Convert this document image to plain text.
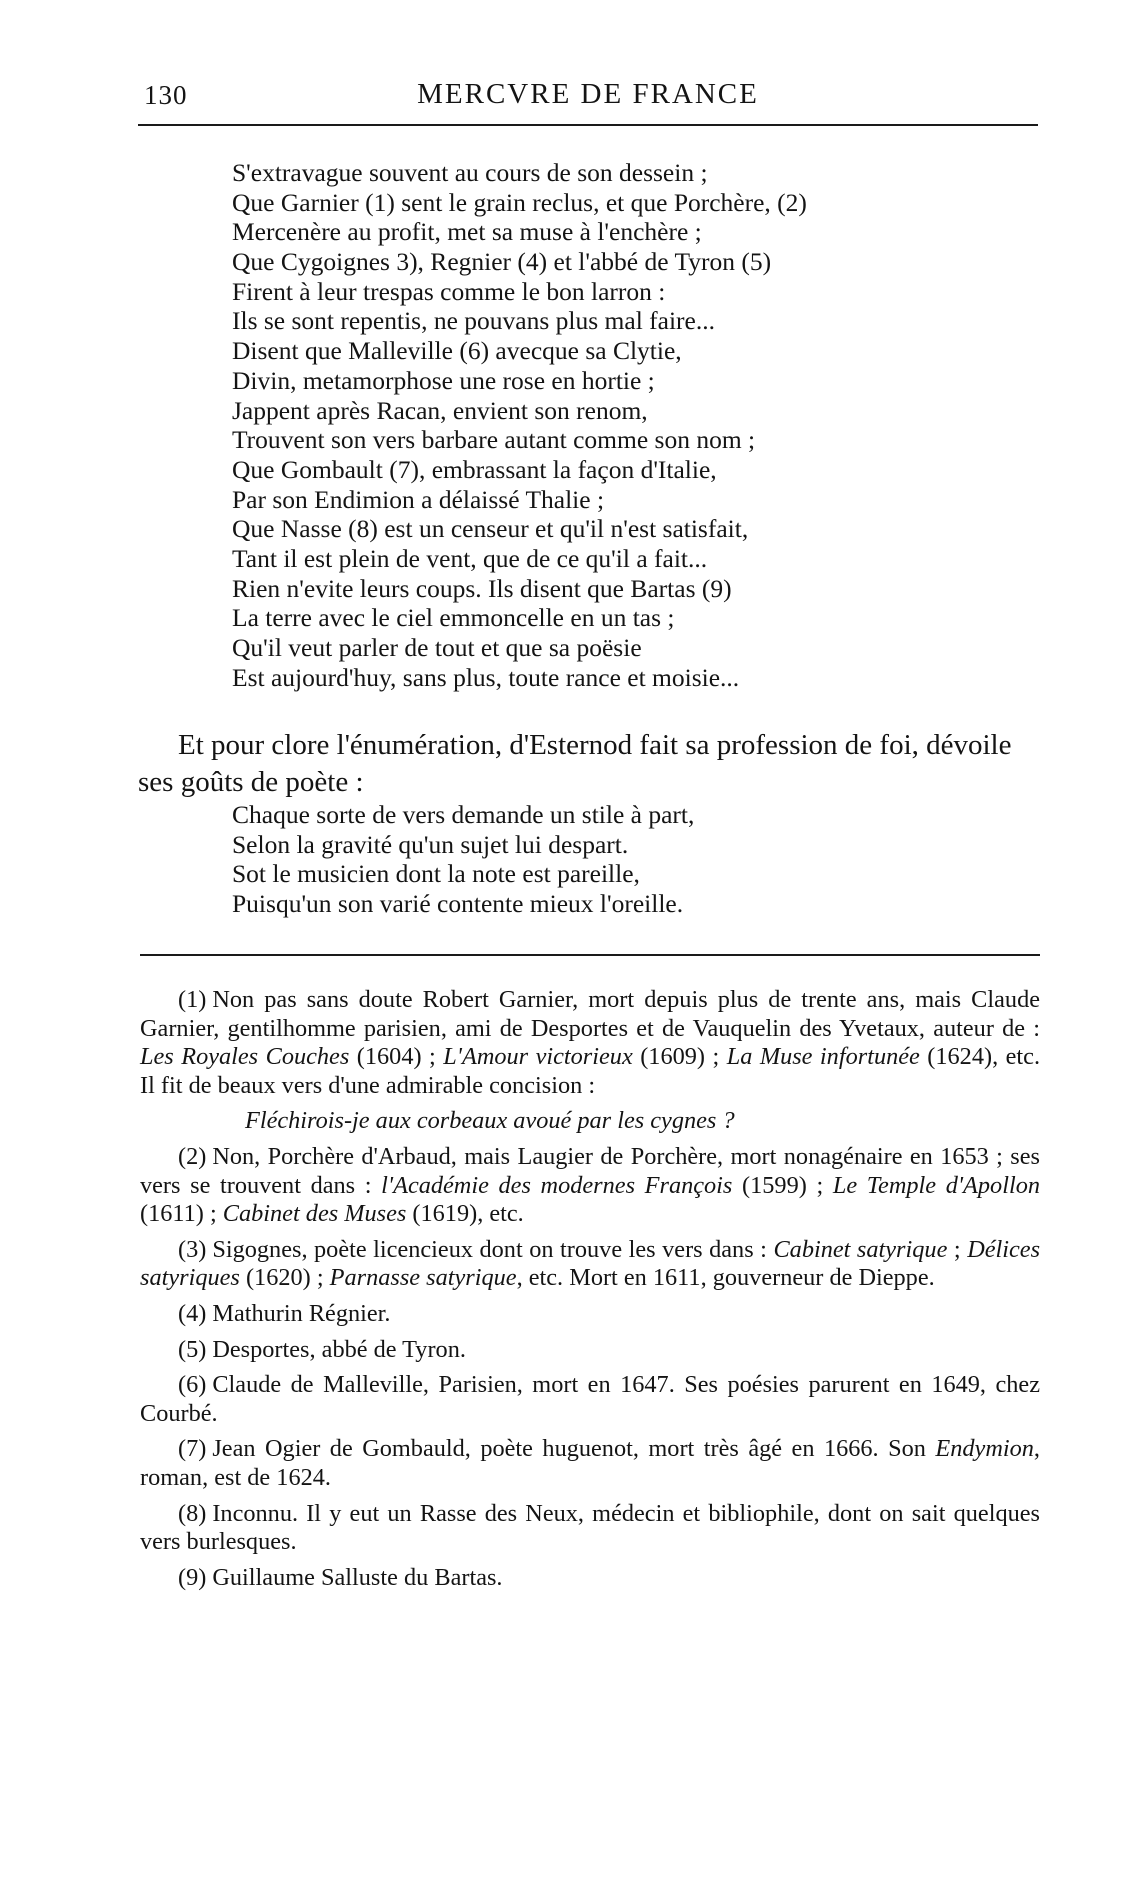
130	MERCVRE DE FRANCE
S'extravague souvent au cours de son dessein ;
Que Garnier (1) sent le grain reclus, et que Porchère, (2)
Mercenère au profit, met sa muse à l'enchère ;
Que Cygoignes 3), Regnier (4) et l'abbé de Tyron (5)
Firent à leur trespas comme le bon larron :
Ils se sont repentis, ne pouvans plus mal faire...
Disent que Malleville (6) avecque sa Clytie,
Divin, metamorphose une rose en hortie ;
Jappent après Racan, envient son renom,
Trouvent son vers barbare autant comme son nom ;
Que Gombault (7), embrassant la façon d'Italie,
Par son Endimion a délaissé Thalie ;
Que Nasse (8) est un censeur et qu'il n'est satisfait,
Tant il est plein de vent, que de ce qu'il a fait...
Rien n'evite leurs coups. Ils disent que Bartas (9)
La terre avec le ciel emmoncelle en un tas ;
Qu'il veut parler de tout et que sa poësie
Est aujourd'huy, sans plus, toute rance et moisie...

Et pour clore l'énumération, d'Esternod fait sa profession de foi, dévoile ses goûts de poète :

Chaque sorte de vers demande un stile à part,
Selon la gravité qu'un sujet lui despart.
Sot le musicien dont la note est pareille,
Puisqu'un son varié contente mieux l'oreille.

(1) Non pas sans doute Robert Garnier, mort depuis plus de trente ans, mais Claude Garnier, gentilhomme parisien, ami de Desportes et de Vauquelin des Yvetaux, auteur de : Les Royales Couches (1604) ; L'Amour victorieux (1609) ; La Muse infortunée (1624), etc. Il fit de beaux vers d'une admirable concision :

Fléchirois-je aux corbeaux avoué par les cygnes ?

(2) Non, Porchère d'Arbaud, mais Laugier de Porchère, mort nonagénaire en 1653 ; ses vers se trouvent dans : l'Académie des modernes François (1599) ; Le Temple d'Apollon (1611) ; Cabinet des Muses (1619), etc.

(3) Sigognes, poète licencieux dont on trouve les vers dans : Cabinet satyrique ; Délices satyriques (1620) ; Parnasse satyrique, etc. Mort en 1611, gouverneur de Dieppe.

(4) Mathurin Régnier.

(5) Desportes, abbé de Tyron.

(6) Claude de Malleville, Parisien, mort en 1647. Ses poésies parurent en 1649, chez Courbé.

(7) Jean Ogier de Gombauld, poète huguenot, mort très âgé en 1666. Son Endymion, roman, est de 1624.

(8) Inconnu. Il y eut un Rasse des Neux, médecin et bibliophile, dont on sait quelques vers burlesques.

(9) Guillaume Salluste du Bartas.
